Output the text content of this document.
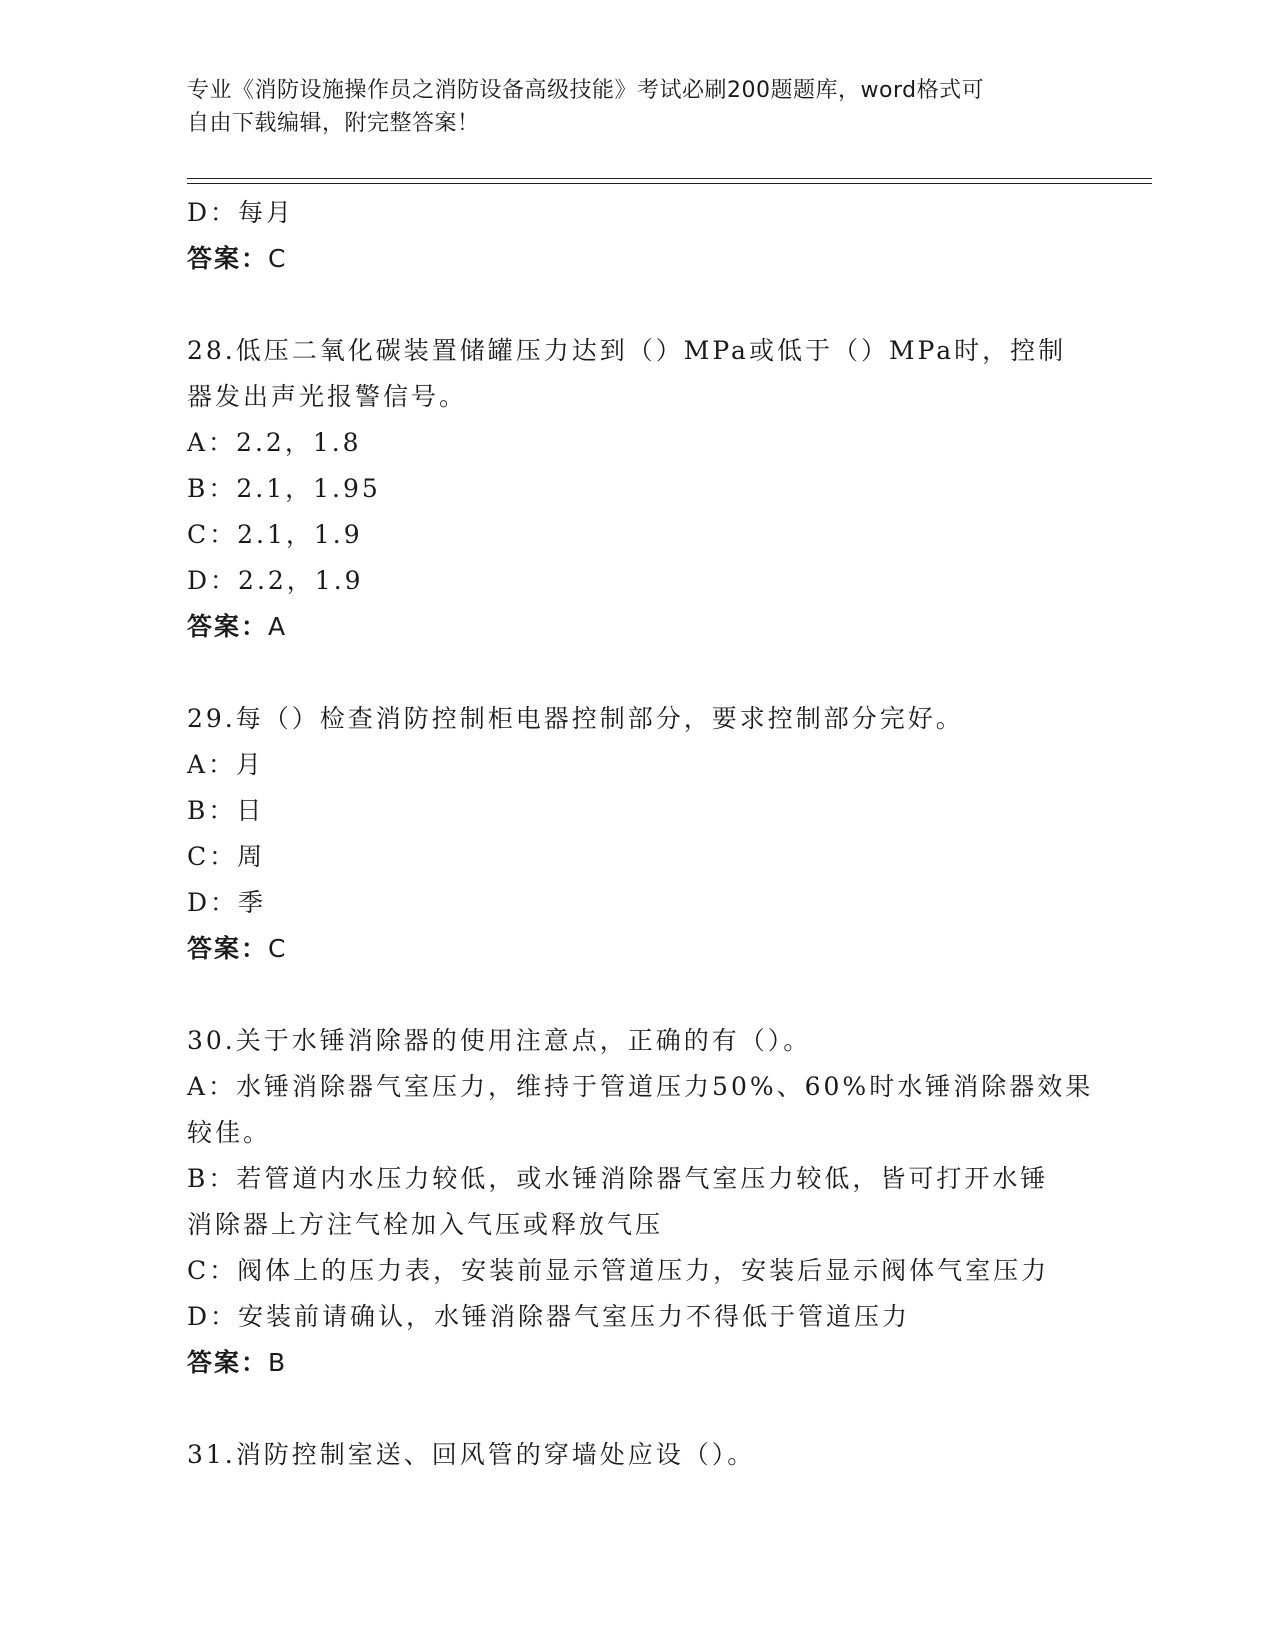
专业《消防设施操作员之消防设备高级技能》考试必刷200题题库，word格式可
自由下载编辑，附完整答案！
D：每月
答案：C
28.低压二氧化碳装置储罐压力达到（）MPa或低于（）MPa时，控制
器发出声光报警信号。
A：2.2，1.8
B：2.1，1.95
C：2.1，1.9
D：2.2，1.9
答案：A
29.每（）检查消防控制柜电器控制部分，要求控制部分完好。
A：月
B：日
C：周
D：季
答案：C
30.关于水锤消除器的使用注意点，正确的有（）。
A：水锤消除器气室压力，维持于管道压力50%、60%时水锤消除器效果
较佳。
B：若管道内水压力较低，或水锤消除器气室压力较低，皆可打开水锤
消除器上方注气栓加入气压或释放气压
C：阀体上的压力表，安装前显示管道压力，安装后显示阀体气室压力
D：安装前请确认，水锤消除器气室压力不得低于管道压力
答案：B
31.消防控制室送、回风管的穿墙处应设（）。
